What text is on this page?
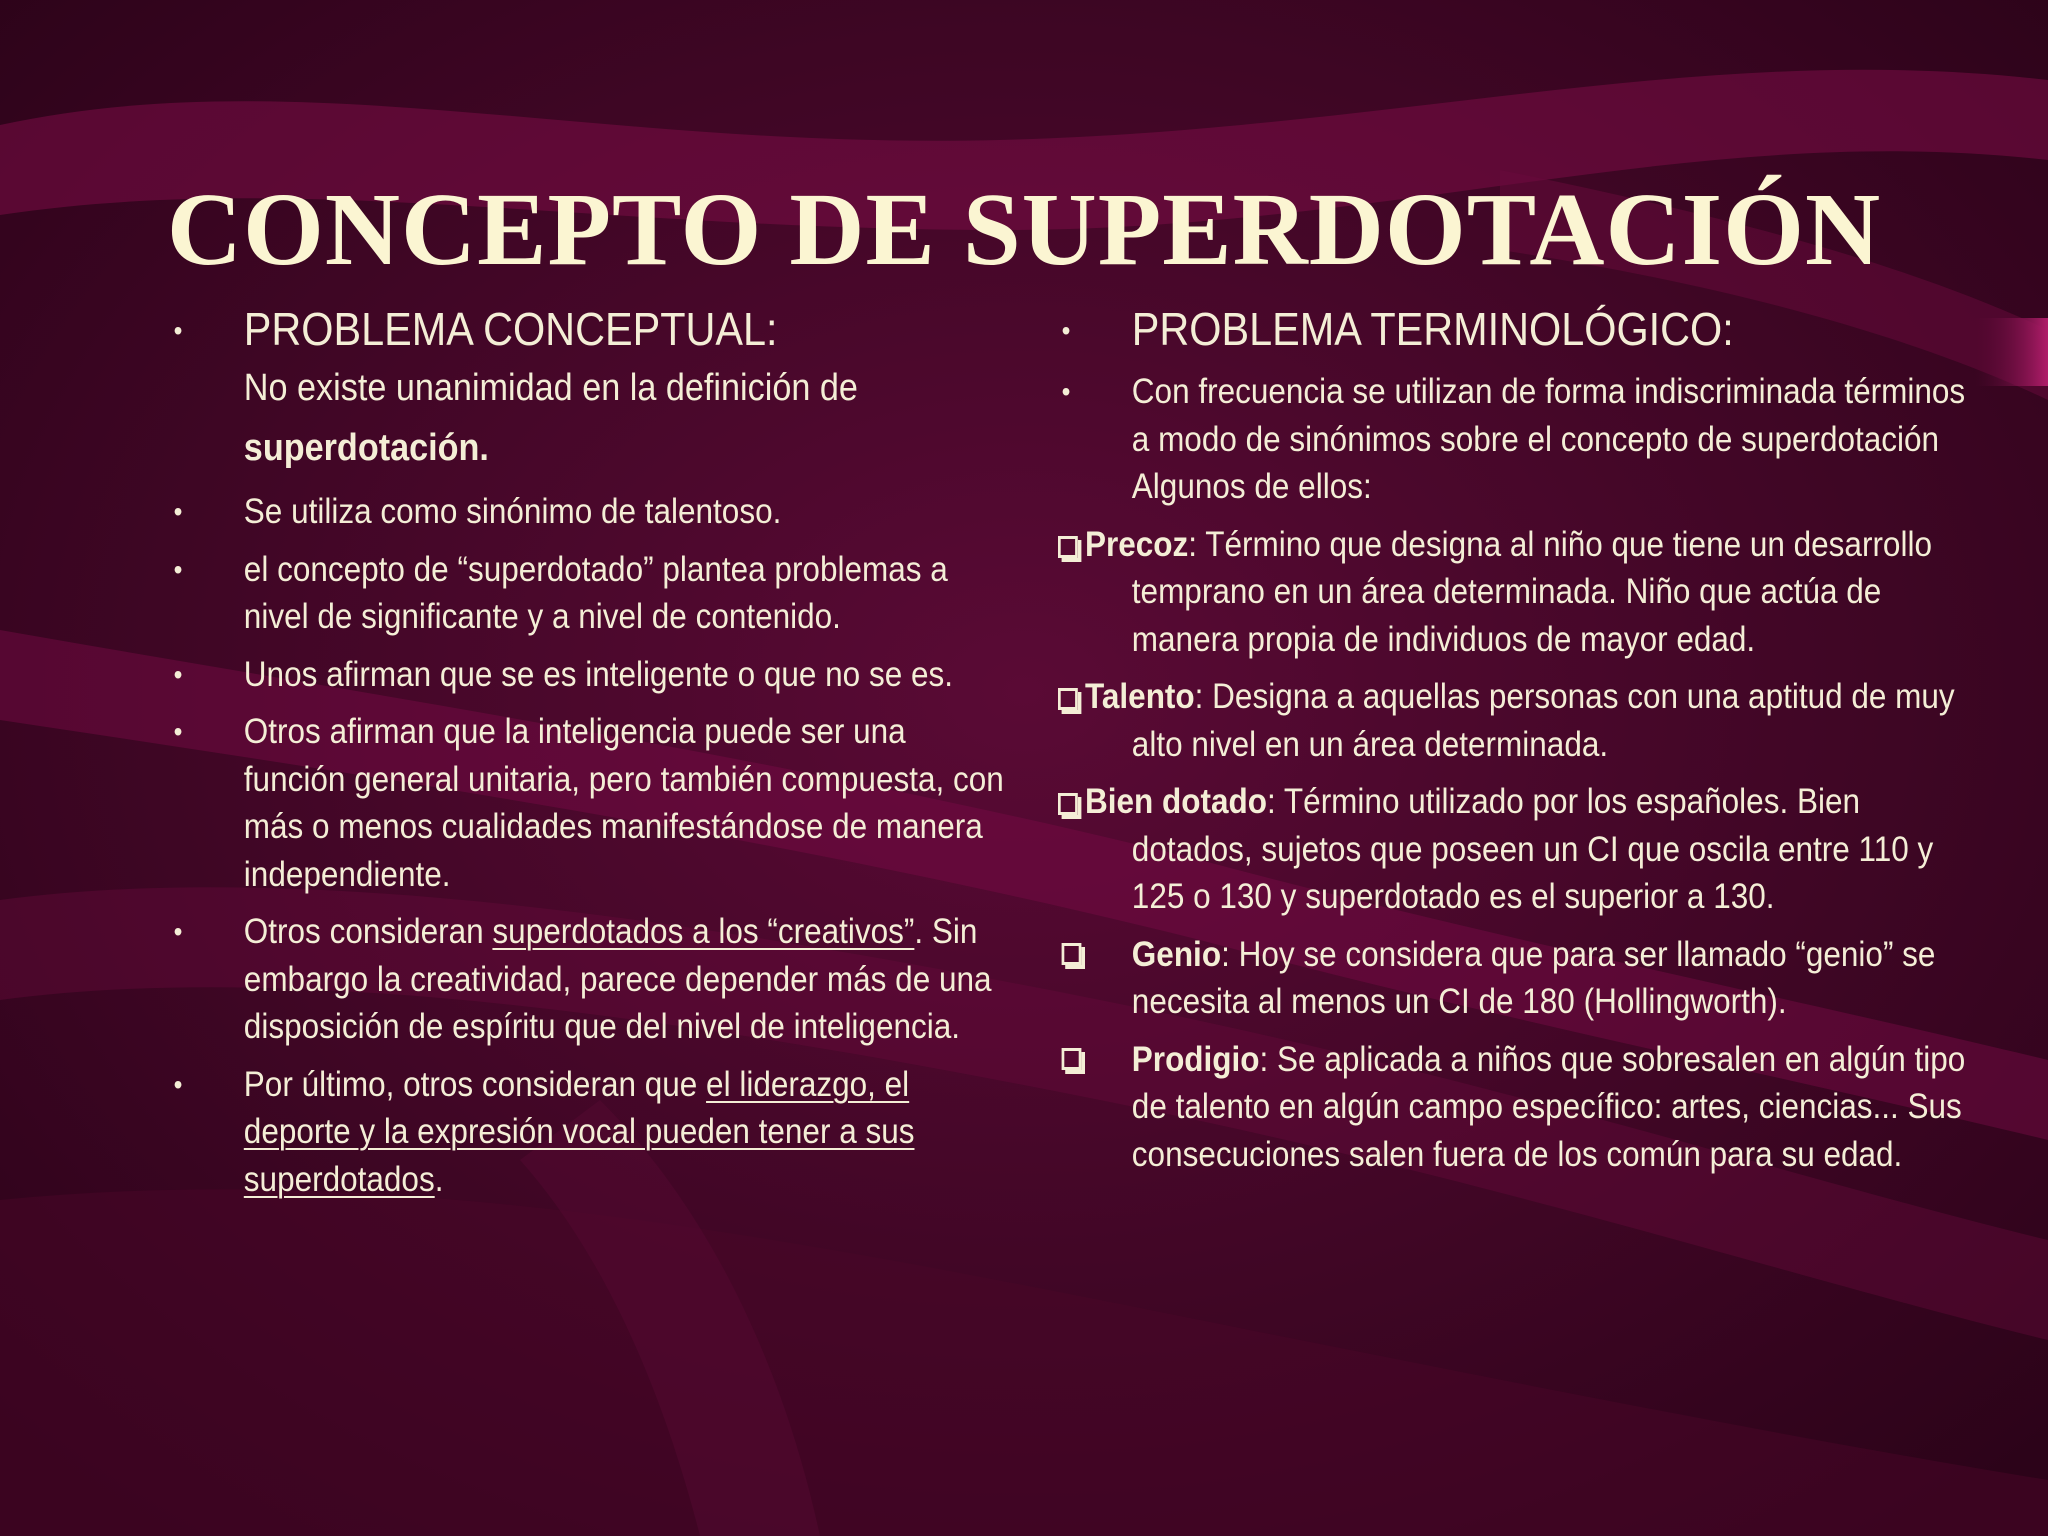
CONCEPTO DE SUPERDOTACIÓN
• PROBLEMA CONCEPTUAL:
No existe unanimidad en la definición de
superdotación.
• Se utiliza como sinónimo de talentoso.
• el concepto de “superdotado” plantea problemas a nivel de significante y a nivel de contenido.
• Unos afirman que se es inteligente o que no se es.
• Otros afirman que la inteligencia puede ser una función general unitaria, pero también compuesta, con más o menos cualidades manifestándose de manera independiente.
• Otros consideran superdotados a los “creativos”. Sin embargo la creatividad, parece depender más de una disposición de espíritu que del nivel de inteligencia.
• Por último, otros consideran que el liderazgo, el deporte y la expresión vocal pueden tener a sus superdotados.
• PROBLEMA TERMINOLÓGICO:
• Con frecuencia se utilizan de forma indiscriminada términos a modo de sinónimos sobre el concepto de superdotación Algunos de ellos:
Precoz: Término que designa al niño que tiene un desarrollo temprano en un área determinada. Niño que actúa de manera propia de individuos de mayor edad.
Talento: Designa a aquellas personas con una aptitud de muy alto nivel en un área determinada.
Bien dotado: Término utilizado por los españoles. Bien dotados, sujetos que poseen un CI que oscila entre 110 y 125 o 130 y superdotado es el superior a 130.
Genio: Hoy se considera que para ser llamado “genio” se necesita al menos un CI de 180 (Hollingworth).
Prodigio: Se aplicada a niños que sobresalen en algún tipo de talento en algún campo específico: artes, ciencias... Sus consecuciones salen fuera de los común para su edad.
